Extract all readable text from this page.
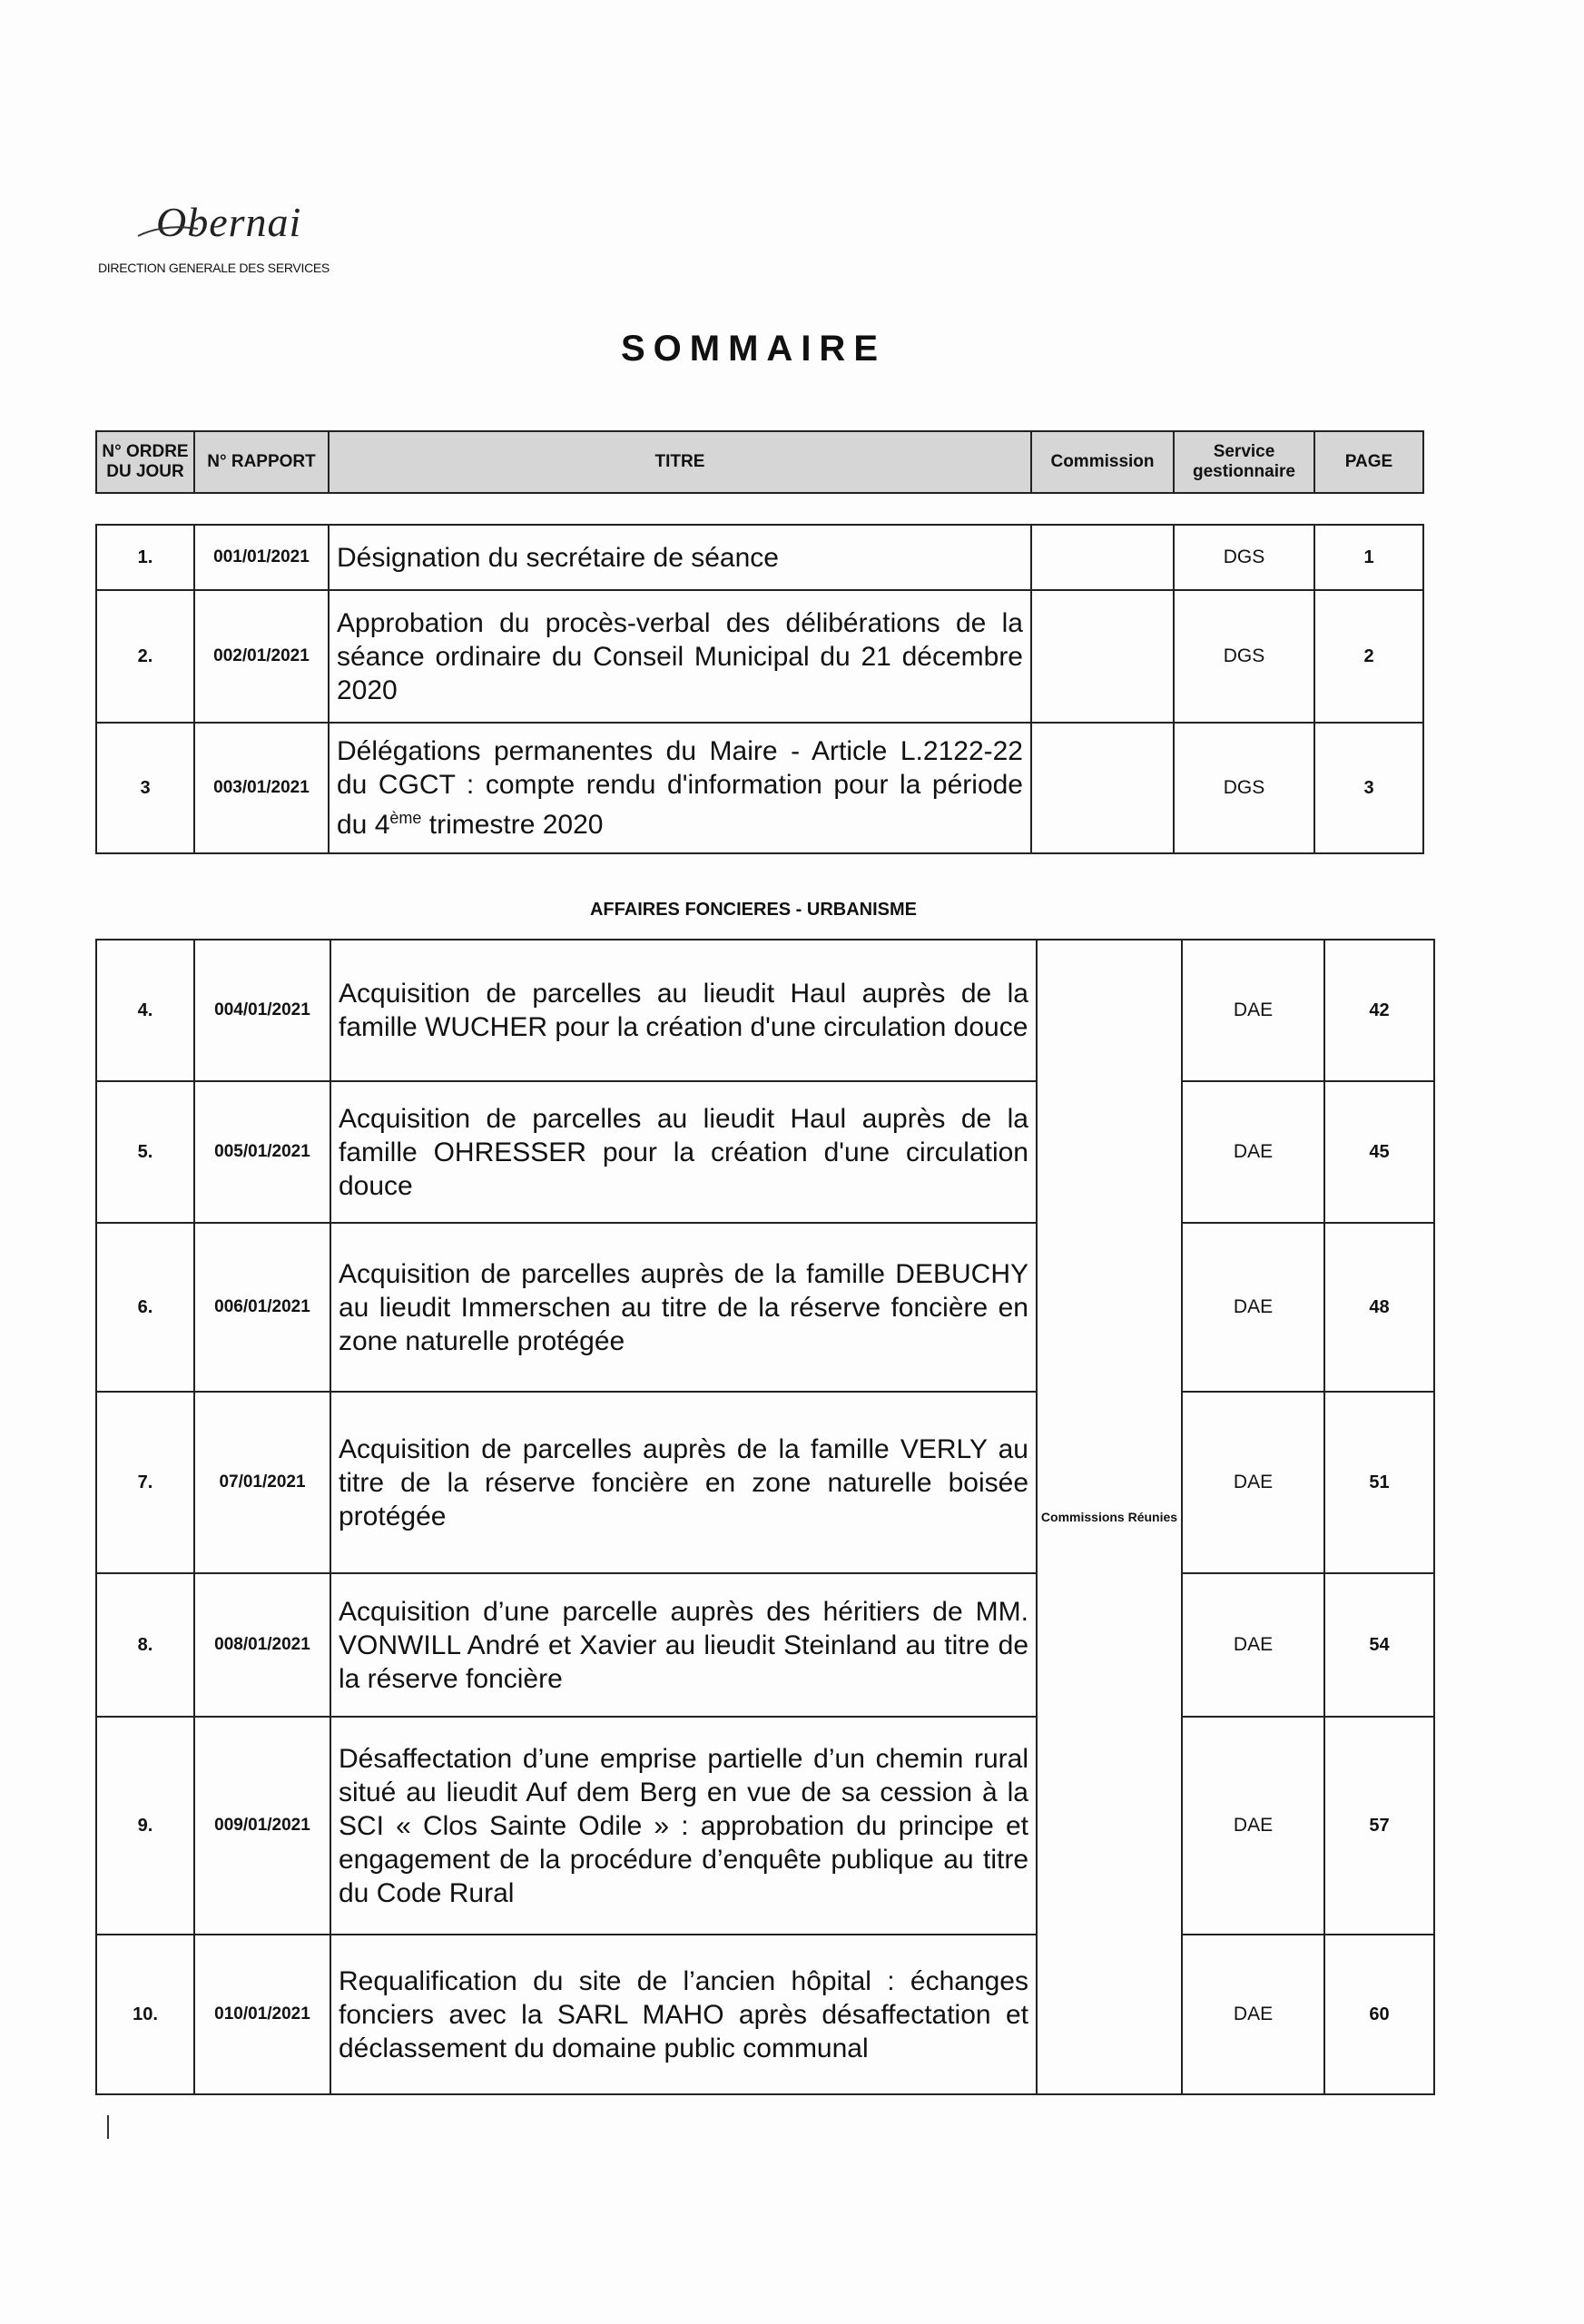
Obernai
DIRECTION GENERALE DES SERVICES
SOMMAIRE
N° ORDRE DU JOUR	N° RAPPORT	TITRE	Commission	Service gestionnaire	PAGE
1.	001/01/2021	Désignation du secrétaire de séance		DGS	1
2.	002/01/2021	Approbation du procès-verbal des délibérations de la séance ordinaire du Conseil Municipal du 21 décembre 2020		DGS	2
3	003/01/2021	Délégations permanentes du Maire - Article L.2122-22 du CGCT : compte rendu d'information pour la période du 4ème trimestre 2020		DGS	3
AFFAIRES FONCIERES - URBANISME
4.	004/01/2021	Acquisition de parcelles au lieudit Haul auprès de la famille WUCHER pour la création d'une circulation douce	Commissions Réunies	DAE	42
5.	005/01/2021	Acquisition de parcelles au lieudit Haul auprès de la famille OHRESSER pour la création d'une circulation douce		DAE	45
6.	006/01/2021	Acquisition de parcelles auprès de la famille DEBUCHY au lieudit Immerschen au titre de la réserve foncière en zone naturelle protégée		DAE	48
7.	07/01/2021	Acquisition de parcelles auprès de la famille VERLY au titre de la réserve foncière en zone naturelle boisée protégée		DAE	51
8.	008/01/2021	Acquisition d’une parcelle auprès des héritiers de MM. VONWILL André et Xavier au lieudit Steinland au titre de la réserve foncière		DAE	54
9.	009/01/2021	Désaffectation d’une emprise partielle d’un chemin rural situé au lieudit Auf dem Berg en vue de sa cession à la SCI « Clos Sainte Odile » : approbation du principe et engagement de la procédure d’enquête publique au titre du Code Rural		DAE	57
10.	010/01/2021	Requalification du site de l’ancien hôpital : échanges fonciers avec la SARL MAHO après désaffectation et déclassement du domaine public communal		DAE	60
